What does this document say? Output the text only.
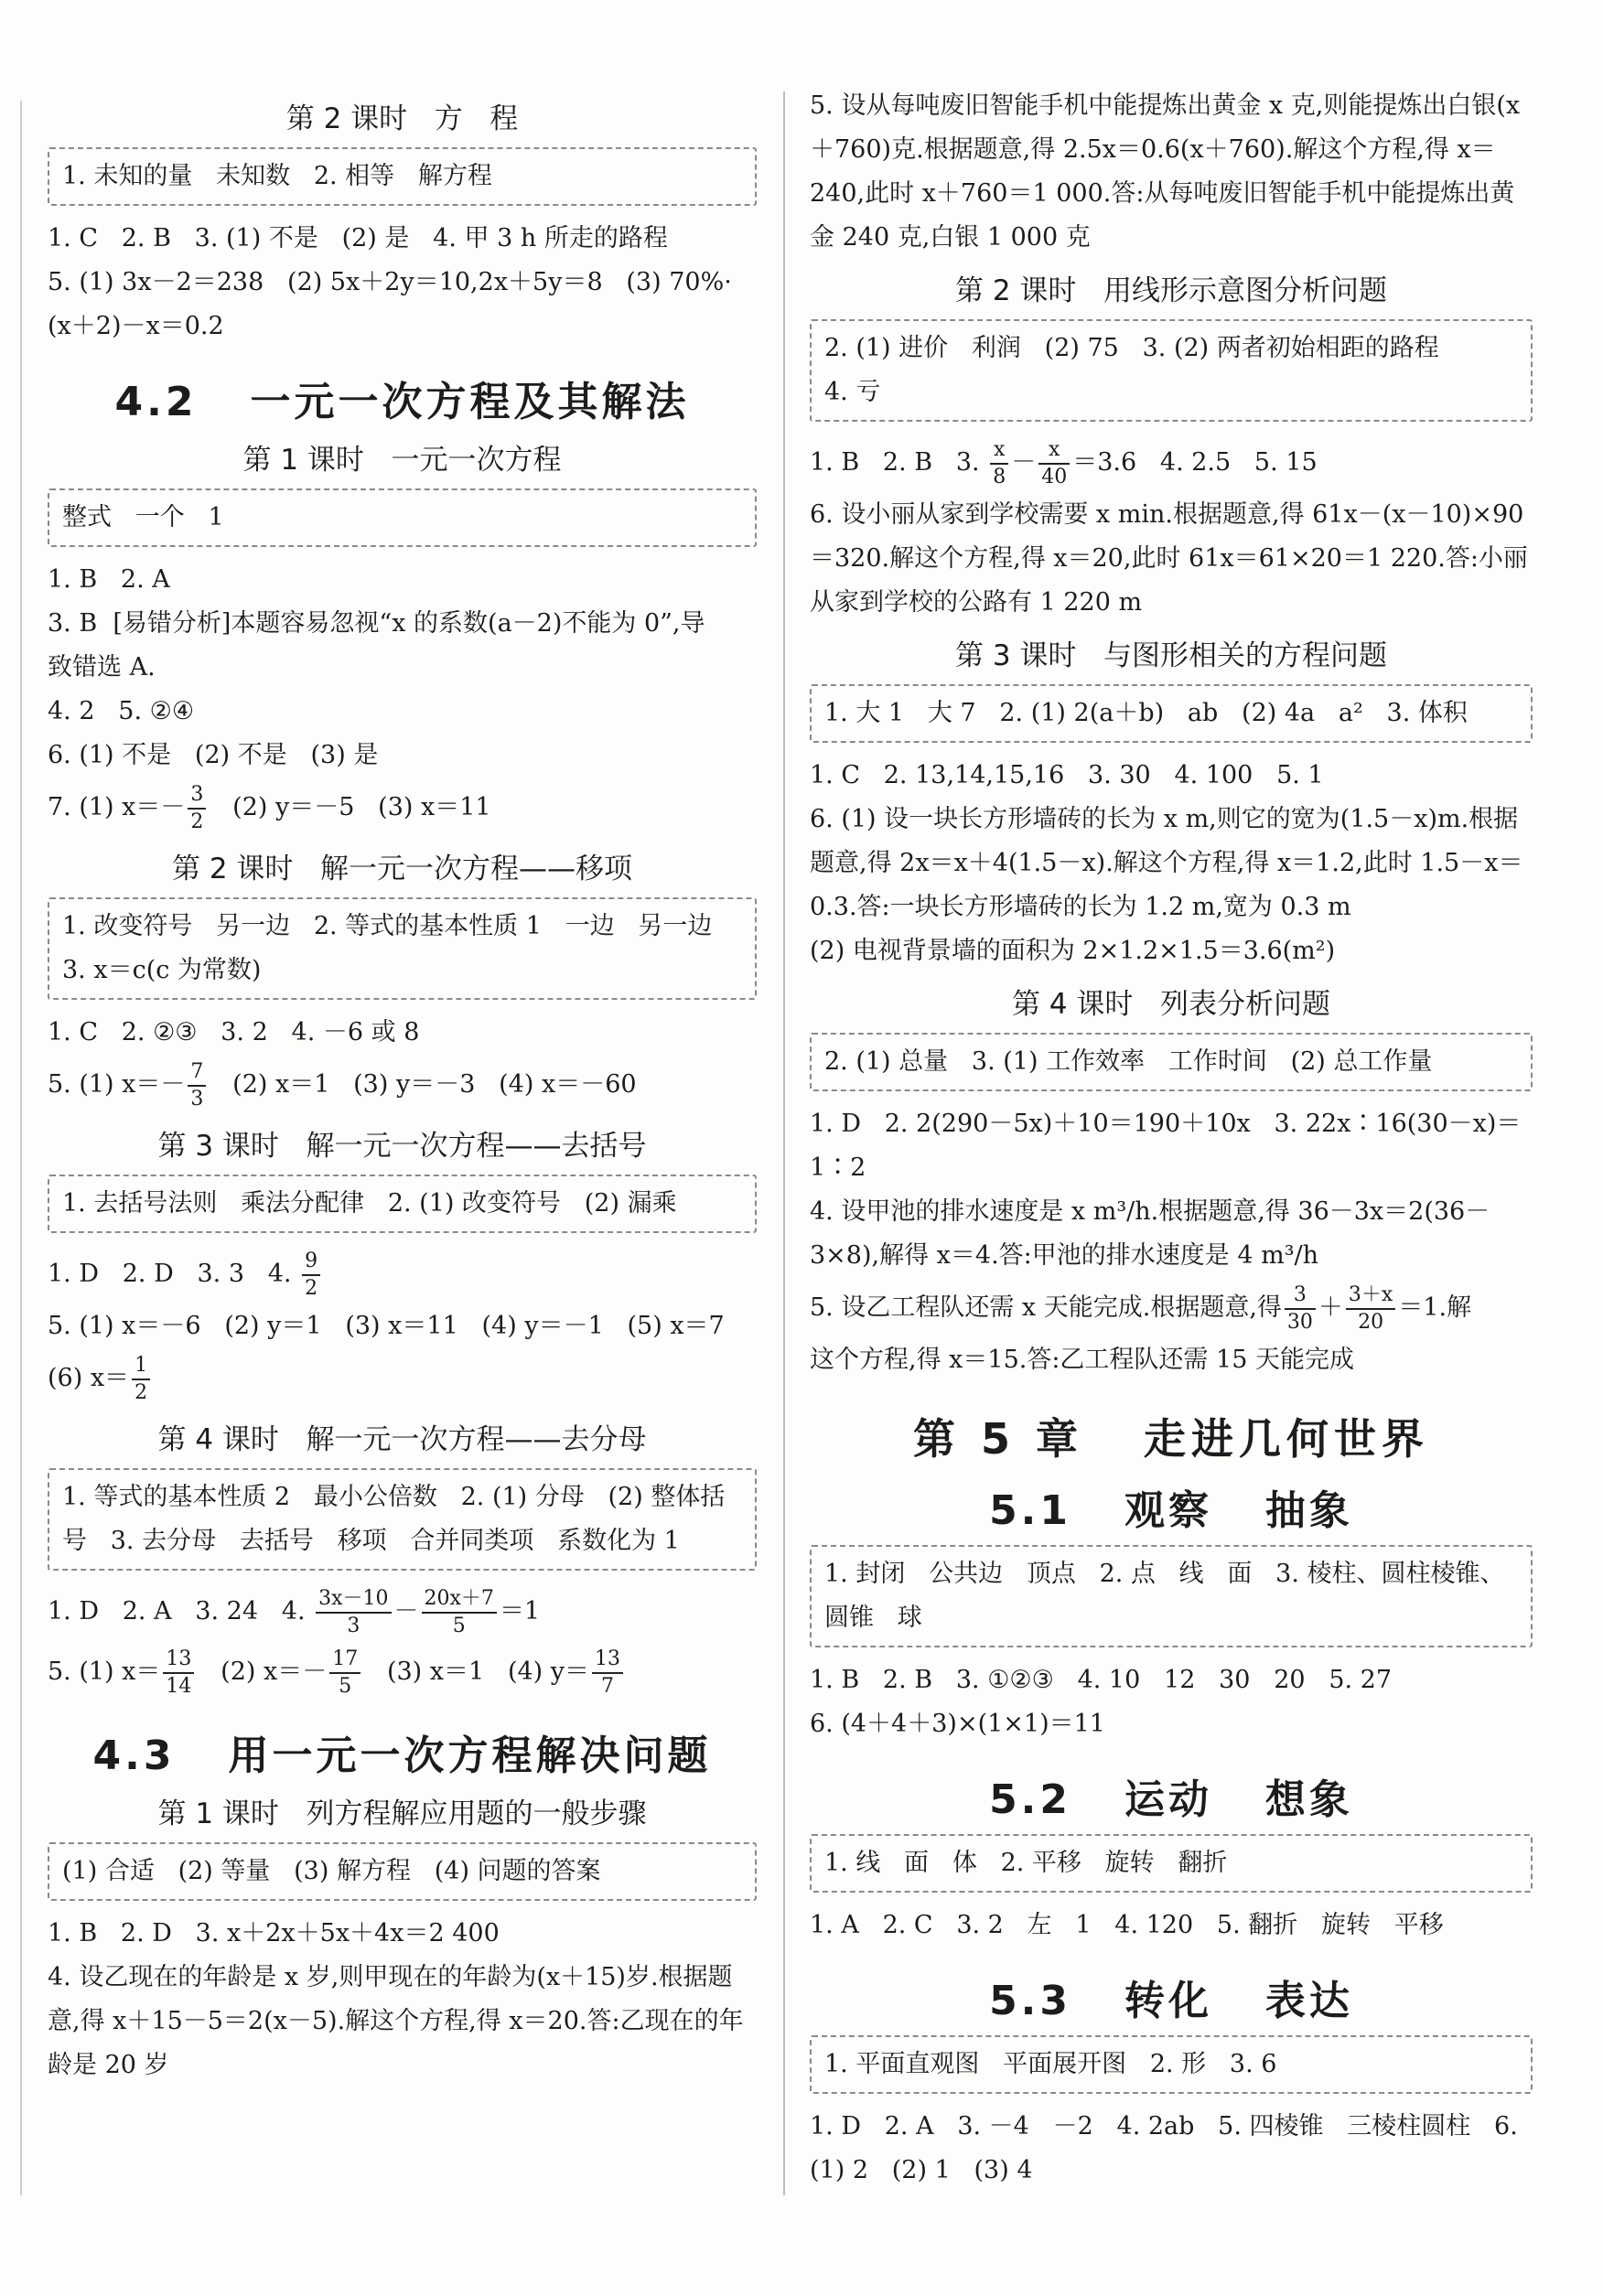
第 2 课时   方   程
1. 未知的量   未知数   2. 相等   解方程

1. C   2. B   3. (1) 不是   (2) 是   4. 甲 3 h 所走的路程

5. (1) 3x－2＝238   (2) 5x＋2y＝10,2x＋5y＝8   (3) 70%·

(x＋2)－x＝0.2

4.2   一元一次方程及其解法
第 1 课时   一元一次方程
整式   一个   1

1. B   2. A

3. B  [易错分析]本题容易忽视“x 的系数(a－2)不能为 0”,导

致错选 A.

4. 2   5. ②④

6. (1) 不是   (2) 不是   (3) 是

7. (1) $x=- \frac{3}{2} (2)$ y＝－5   (3) x＝11

第 2 课时   解一元一次方程——移项
1. 改变符号   另一边   2. 等式的基本性质 1   一边   另一边   3. x＝c(c 为常数)

1. C   2. ②③   3. 2   4. －6 或 8

5. (1) $x=- \frac{7}{3} (2)$ x＝1   (3) y＝－3   (4) x＝－60

第 3 课时   解一元一次方程——去括号
1. 去括号法则   乘法分配律   2. (1) 改变符号   (2) 漏乘

1. D   2. D   3. 3   4. $\frac{9}{2}$

5. (1) x＝－6   (2) y＝1   (3) x＝11   (4) y＝－1   (5) x＝7

(6) $x= \frac{1}{2}$

第 4 课时   解一元一次方程——去分母
1. 等式的基本性质 2   最小公倍数   2. (1) 分母   (2) 整体括号   3. 去分母   去括号   移项   合并同类项   系数化为 1

1. D   2. A   3. 24   4. $\frac{3x-10}{3} - \frac{20x+7}{5} =1$

5. (1) $x= \frac{13}{14} (2)$ $x=- \frac{17}{5} (3)$ x＝1   (4) $y= \frac{13}{7}$

4.3   用一元一次方程解决问题
第 1 课时   列方程解应用题的一般步骤
(1) 合适   (2) 等量   (3) 解方程   (4) 问题的答案

1. B   2. D   3. x＋2x＋5x＋4x＝2 400

4. 设乙现在的年龄是 x 岁,则甲现在的年龄为(x＋15)岁.根据题意,得 x＋15－5＝2(x－5).解这个方程,得 x＝20.答:乙现在的年龄是 20 岁

5. 设从每吨废旧智能手机中能提炼出黄金 x 克,则能提炼出白银(x＋760)克.根据题意,得 2.5x＝0.6(x＋760).解这个方程,得 x＝240,此时 x＋760＝1 000.答:从每吨废旧智能手机中能提炼出黄金 240 克,白银 1 000 克

第 2 课时   用线形示意图分析问题
2. (1) 进价   利润   (2) 75   3. (2) 两者初始相距的路程
4. 亏

1. B   2. B   3. $\frac{x}{8} - \frac{x}{40} =3.6$   4. 2.5   5. 15

6. 设小丽从家到学校需要 x min.根据题意,得 61x－(x－10)×90＝320.解这个方程,得 x＝20,此时 61x＝61×20＝1 220.答:小丽从家到学校的公路有 1 220 m

第 3 课时   与图形相关的方程问题
1. 大 1   大 7   2. (1) 2(a＋b)   ab   (2) 4a   a²   3. 体积

1. C   2. 13,14,15,16   3. 30   4. 100   5. 1

6. (1) 设一块长方形墙砖的长为 x m,则它的宽为(1.5－x)m.根据题意,得 2x＝x＋4(1.5－x).解这个方程,得 x＝1.2,此时 1.5－x＝0.3.答:一块长方形墙砖的长为 1.2 m,宽为 0.3 m

(2) 电视背景墙的面积为 2×1.2×1.5＝3.6(m²)

第 4 课时   列表分析问题
2. (1) 总量   3. (1) 工作效率   工作时间   (2) 总工作量

1. D   2. 2(290－5x)＋10＝190＋10x   3. 22x∶16(30－x)＝1∶2

4. 设甲池的排水速度是 x m³/h.根据题意,得 36－3x＝2(36－3×8),解得 x＝4.答:甲池的排水速度是 4 m³/h

5. 设乙工程队还需 x 天能完成.根据题意,得 $\frac{3}{30} + \frac{3+x}{20} =1$.解

这个方程,得 x＝15.答:乙工程队还需 15 天能完成

第 5 章   走进几何世界
5.1   观察   抽象
1. 封闭   公共边   顶点   2. 点   线   面   3. 棱柱、圆柱棱锥、圆锥   球

1. B   2. B   3. ①②③   4. 10   12   30   20   5. 27

6. (4＋4＋3)×(1×1)＝11

5.2   运动   想象
1. 线   面   体   2. 平移   旋转   翻折

1. A   2. C   3. 2   左   1   4. 120   5. 翻折   旋转   平移

5.3   转化   表达
1. 平面直观图   平面展开图   2. 形   3. 6

1. D   2. A   3. －4   －2   4. 2ab   5. 四棱锥   三棱柱圆柱   6. (1) 2   (2) 1   (3) 4
